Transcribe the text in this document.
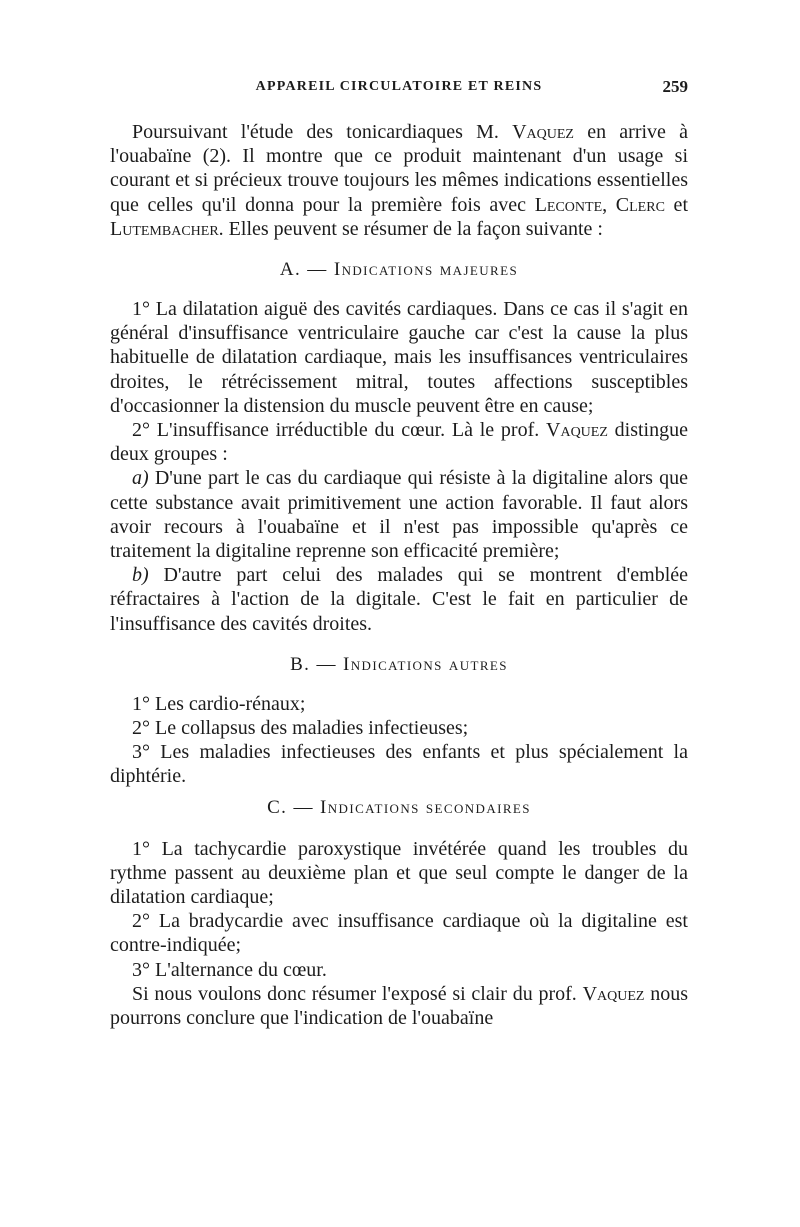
APPAREIL CIRCULATOIRE ET REINS	259

Poursuivant l'étude des tonicardiaques M. Vaquez en arrive à l'ouabaïne (2). Il montre que ce produit maintenant d'un usage si courant et si précieux trouve toujours les mêmes indications essentielles que celles qu'il donna pour la première fois avec Leconte, Clerc et Lutembacher. Elles peuvent se résumer de la façon suivante :

A. — Indications majeures

1° La dilatation aiguë des cavités cardiaques. Dans ce cas il s'agit en général d'insuffisance ventriculaire gauche car c'est la cause la plus habituelle de dilatation cardiaque, mais les insuffisances ventriculaires droites, le rétrécissement mitral, toutes affections susceptibles d'occasionner la distension du muscle peuvent être en cause;

2° L'insuffisance irréductible du cœur. Là le prof. Vaquez distingue deux groupes :

a) D'une part le cas du cardiaque qui résiste à la digitaline alors que cette substance avait primitivement une action favorable. Il faut alors avoir recours à l'ouabaïne et il n'est pas impossible qu'après ce traitement la digitaline reprenne son efficacité première;

b) D'autre part celui des malades qui se montrent d'emblée réfractaires à l'action de la digitale. C'est le fait en particulier de l'insuffisance des cavités droites.

B. — Indications autres

1° Les cardio-rénaux;

2° Le collapsus des maladies infectieuses;

3° Les maladies infectieuses des enfants et plus spécialement la diphtérie.

C. — Indications secondaires

1° La tachycardie paroxystique invétérée quand les troubles du rythme passent au deuxième plan et que seul compte le danger de la dilatation cardiaque;

2° La bradycardie avec insuffisance cardiaque où la digitaline est contre-indiquée;

3° L'alternance du cœur.

Si nous voulons donc résumer l'exposé si clair du prof. Vaquez nous pourrons conclure que l'indication de l'ouabaïne
